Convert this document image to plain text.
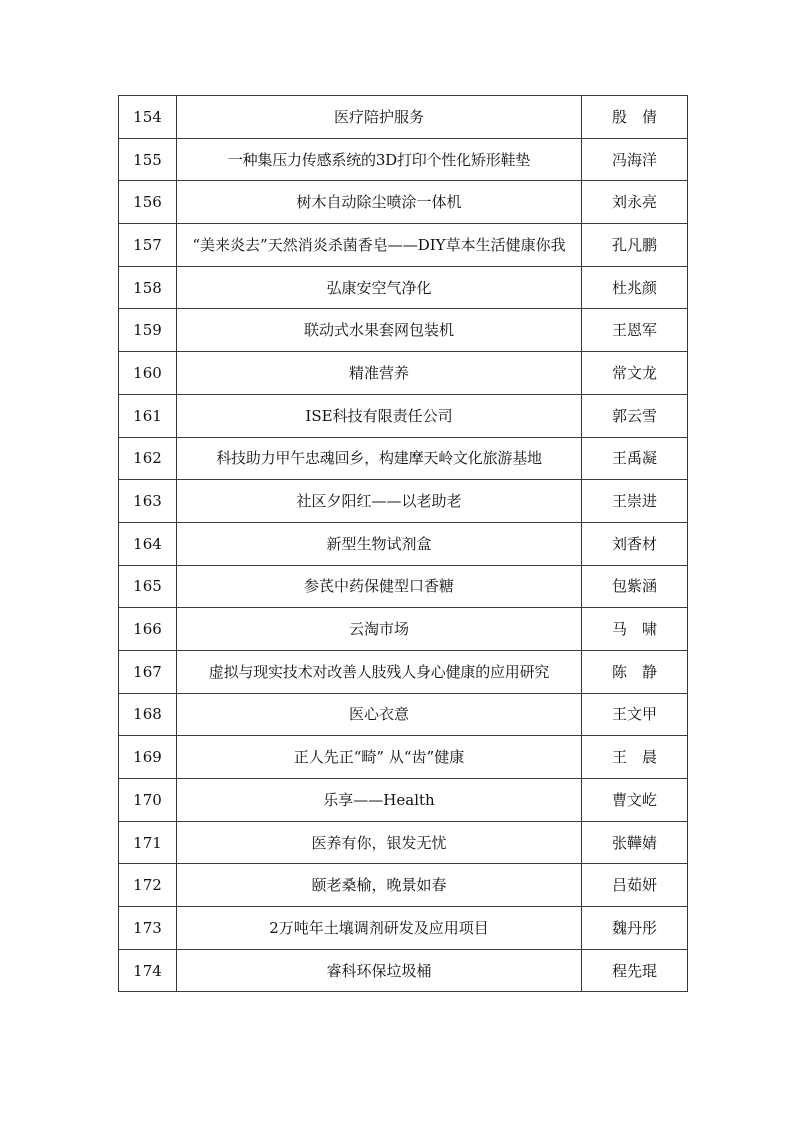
154	医疗陪护服务	殷　倩
155	一种集压力传感系统的3D打印个性化矫形鞋垫	冯海洋
156	树木自动除尘喷涂一体机	刘永亮
157	“美来炎去”天然消炎杀菌香皂——DIY草本生活健康你我	孔凡鹏
158	弘康安空气净化	杜兆颜
159	联动式水果套网包装机	王恩军
160	精准营养	常文龙
161	ISE科技有限责任公司	郭云雪
162	科技助力甲午忠魂回乡，构建摩天岭文化旅游基地	王禹凝
163	社区夕阳红——以老助老	王崇进
164	新型生物试剂盒	刘香材
165	参芪中药保健型口香糖	包紫涵
166	云淘市场	马　啸
167	虚拟与现实技术对改善人肢残人身心健康的应用研究	陈　静
168	医心衣意	王文甲
169	正人先正“畸” 从“齿”健康	王　晨
170	乐享——Health	曹文屹
171	医养有你，银发无忧	张鞾婧
172	颐老桑榆，晚景如春	吕茹妍
173	2万吨年土壤调剂研发及应用项目	魏丹彤
174	睿科环保垃圾桶	程先琨
